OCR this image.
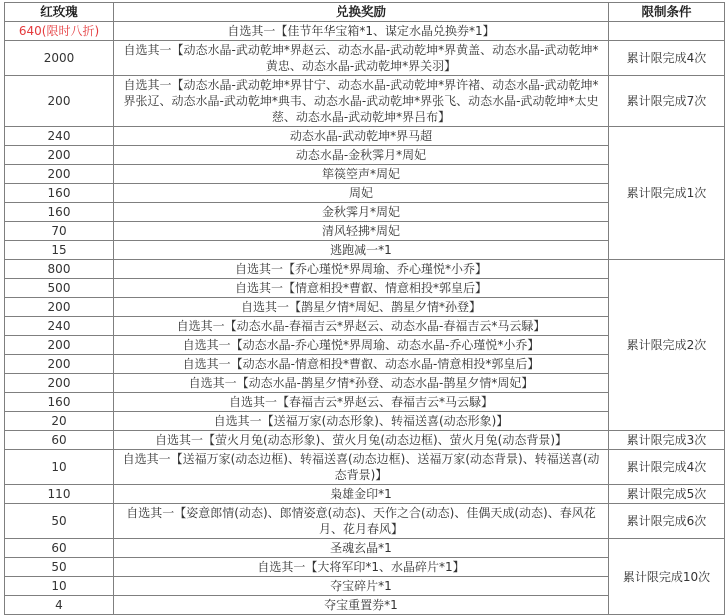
红玫瑰	兑换奖励	限制条件
640(限时八折)	自选其一【佳节年华宝箱*1、谋定水晶兑换券*1】	
2000	自选其一【动态水晶-武动乾坤*界赵云、动态水晶-武动乾坤*界黄盖、动态水晶-武动乾坤*黄忠、动态水晶-武动乾坤*界关羽】	累计限完成4次
200	自选其一【动态水晶-武动乾坤*界甘宁、动态水晶-武动乾坤*界许褚、动态水晶-武动乾坤*界张辽、动态水晶-武动乾坤*典韦、动态水晶-武动乾坤*界张飞、动态水晶-武动乾坤*太史慈、动态水晶-武动乾坤*界吕布】	累计限完成7次
240	动态水晶-武动乾坤*界马超	累计限完成1次
200	动态水晶-金秋霁月*周妃	
200	筚篌箜声*周妃	
160	周妃	
160	金秋霁月*周妃	
70	清风轻拂*周妃	
15	逃跑减一*1	
800	自选其一【乔心瑾悦*界周瑜、乔心瑾悦*小乔】	累计限完成2次
500	自选其一【情意相投*曹叡、情意相投*郭皇后】	
200	自选其一【鹊星夕情*周妃、鹊星夕情*孙登】	
240	自选其一【动态水晶-春福吉云*界赵云、动态水晶-春福吉云*马云騄】	
200	自选其一【动态水晶-乔心瑾悦*界周瑜、动态水晶-乔心瑾悦*小乔】	
200	自选其一【动态水晶-情意相投*曹叡、动态水晶-情意相投*郭皇后】	
200	自选其一【动态水晶-鹊星夕情*孙登、动态水晶-鹊星夕情*周妃】	
160	自选其一【春福吉云*界赵云、春福吉云*马云騄】	
20	自选其一【送福万家(动态形象)、转福送喜(动态形象)】	
60	自选其一【萤火月兔(动态形象)、萤火月兔(动态边框)、萤火月兔(动态背景)】	累计限完成3次
10	自选其一【送福万家(动态边框)、转福送喜(动态边框)、送福万家(动态背景)、转福送喜(动态背景)】	累计限完成4次
110	枭雄金印*1	累计限完成5次
50	自选其一【姿意郎情(动态)、郎情姿意(动态)、天作之合(动态)、佳偶天成(动态)、春风花月、花月春风】	累计限完成6次
60	圣魂玄晶*1	累计限完成10次
50	自选其一【大将军印*1、水晶碎片*1】	
10	夺宝碎片*1	
4	夺宝重置券*1	
